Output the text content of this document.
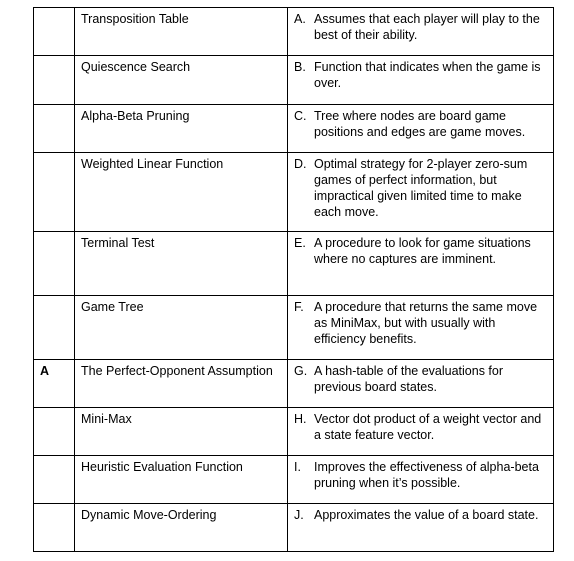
	Transposition Table	A. Assumes that each player will play to the best of their ability.

	Quiescence Search	B. Function that indicates when the game is over.

	Alpha-Beta Pruning	C. Tree where nodes are board game positions and edges are game moves.

	Weighted Linear Function	D. Optimal strategy for 2-player zero-sum games of perfect information, but impractical given limited time to make each move.

	Terminal Test	E. A procedure to look for game situations where no captures are imminent.

	Game Tree	F. A procedure that returns the same move as MiniMax, but with usually with efficiency benefits.

A	The Perfect-Opponent Assumption	G. A hash-table of the evaluations for previous board states.

	Mini-Max	H. Vector dot product of a weight vector and a state feature vector.

	Heuristic Evaluation Function	I. Improves the effectiveness of alpha-beta pruning when it’s possible.

	Dynamic Move-Ordering	J. Approximates the value of a board state.
